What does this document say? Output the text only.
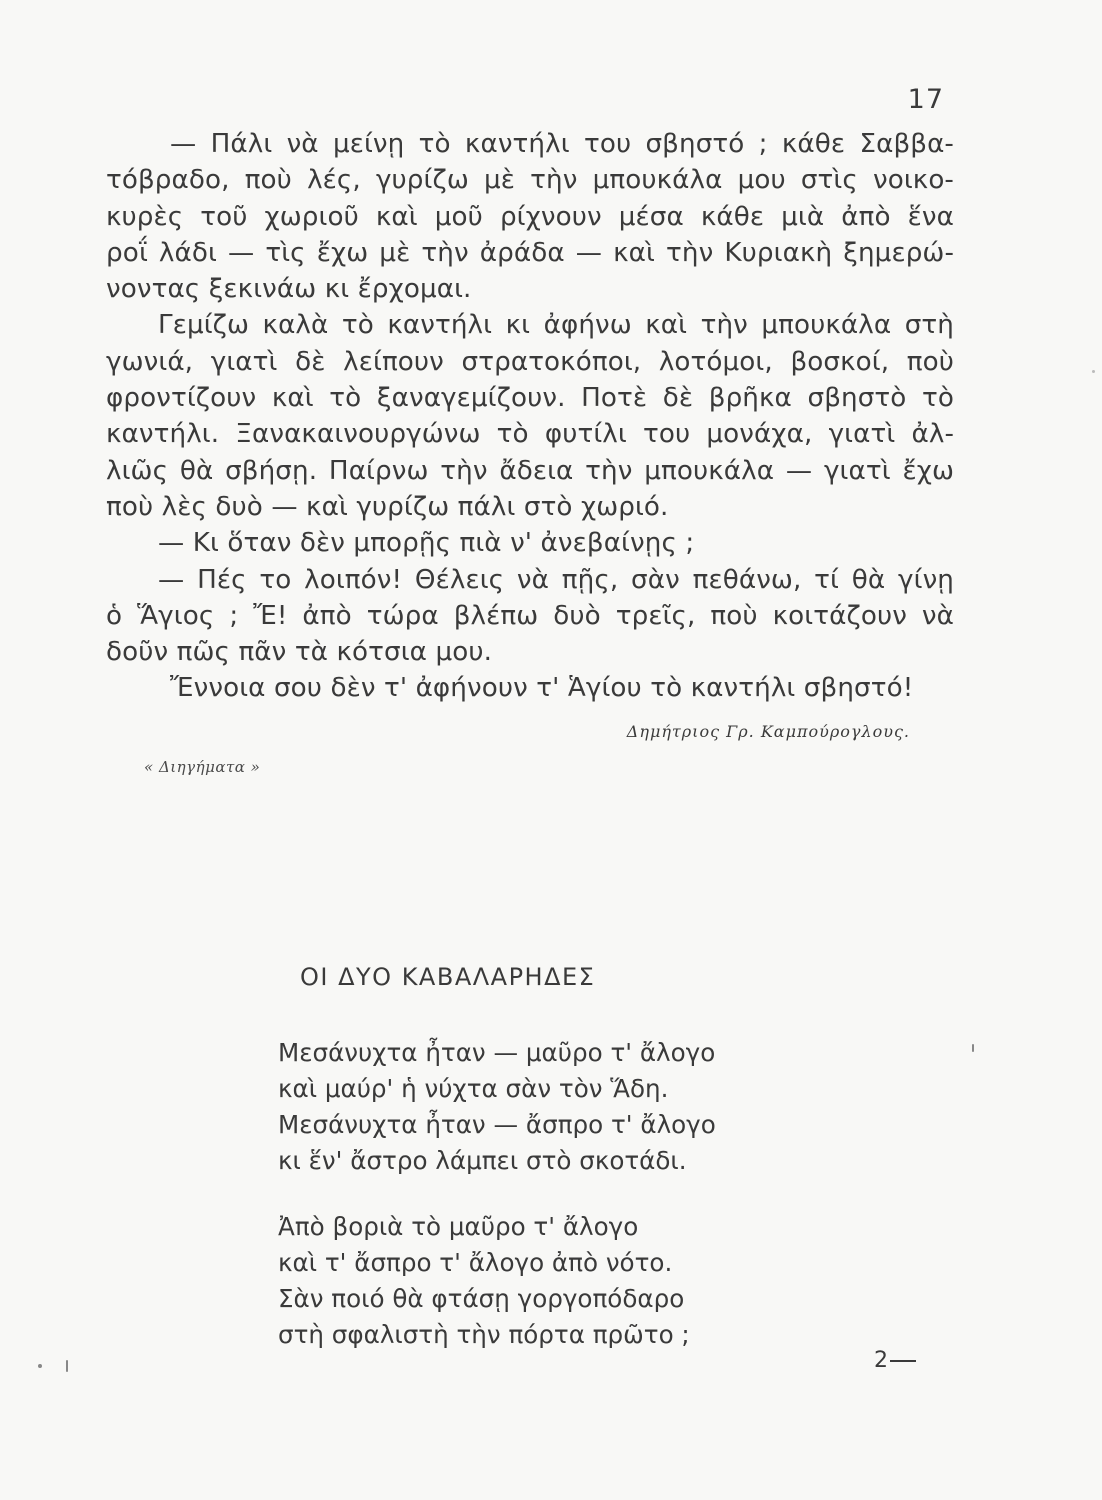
17

— Πάλι νὰ μείνῃ τὸ καντήλι του σβηστό ; κάθε Σαββα-
τόβραδο, ποὺ λές, γυρίζω μὲ τὴν μπουκάλα μου στὶς νοικο-
κυρὲς τοῦ χωριοῦ καὶ μοῦ ρίχνουν μέσα κάθε μιὰ ἀπὸ ἕνα
ροΐ λάδι — τὶς ἔχω μὲ τὴν ἀράδα — καὶ τὴν Κυριακὴ ξημερώ-
νοντας ξεκινάω κι ἔρχομαι.
Γεμίζω καλὰ τὸ καντήλι κι ἀφήνω καὶ τὴν μπουκάλα στὴ
γωνιά, γιατὶ δὲ λείπουν στρατοκόποι, λοτόμοι, βοσκοί, ποὺ
φροντίζουν καὶ τὸ ξαναγεμίζουν. Ποτὲ δὲ βρῆκα σβηστὸ τὸ
καντήλι. Ξανακαινουργώνω τὸ φυτίλι του μονάχα, γιατὶ ἀλ-
λιῶς θὰ σβήσῃ. Παίρνω τὴν ἄδεια τὴν μπουκάλα — γιατὶ ἔχω
ποὺ λὲς δυὸ — καὶ γυρίζω πάλι στὸ χωριό.
— Κι ὅταν δὲν μπορῇς πιὰ ν' ἀνεβαίνῃς ;
— Πές το λοιπόν! Θέλεις νὰ πῇς, σὰν πεθάνω, τί θὰ γίνῃ
ὁ Ἅγιος ; Ἔ! ἀπὸ τώρα βλέπω δυὸ τρεῖς, ποὺ κοιτάζουν νὰ
δοῦν πῶς πᾶν τὰ κότσια μου.
Ἔννοια σου δὲν τ' ἀφήνουν τ' Ἁγίου τὸ καντήλι σβηστό!

Δημήτριος Γρ. Καμπούρογλους.

« Διηγήματα »

ΟΙ ΔΥΟ ΚΑΒΑΛΑΡΗΔΕΣ
Μεσάνυχτα ἦταν — μαῦρο τ' ἄλογο
καὶ μαύρ' ἡ νύχτα σὰν τὸν Ἅδη.
Μεσάνυχτα ἦταν — ἄσπρο τ' ἄλογο
κι ἕν' ἄστρο λάμπει στὸ σκοτάδι.
Ἀπὸ βοριὰ τὸ μαῦρο τ' ἄλογο
καὶ τ' ἄσπρο τ' ἄλογο ἀπὸ νότο.
Σὰν ποιό θὰ φτάσῃ γοργοπόδαρο
στὴ σφαλιστὴ τὴν πόρτα πρῶτο ;

2
